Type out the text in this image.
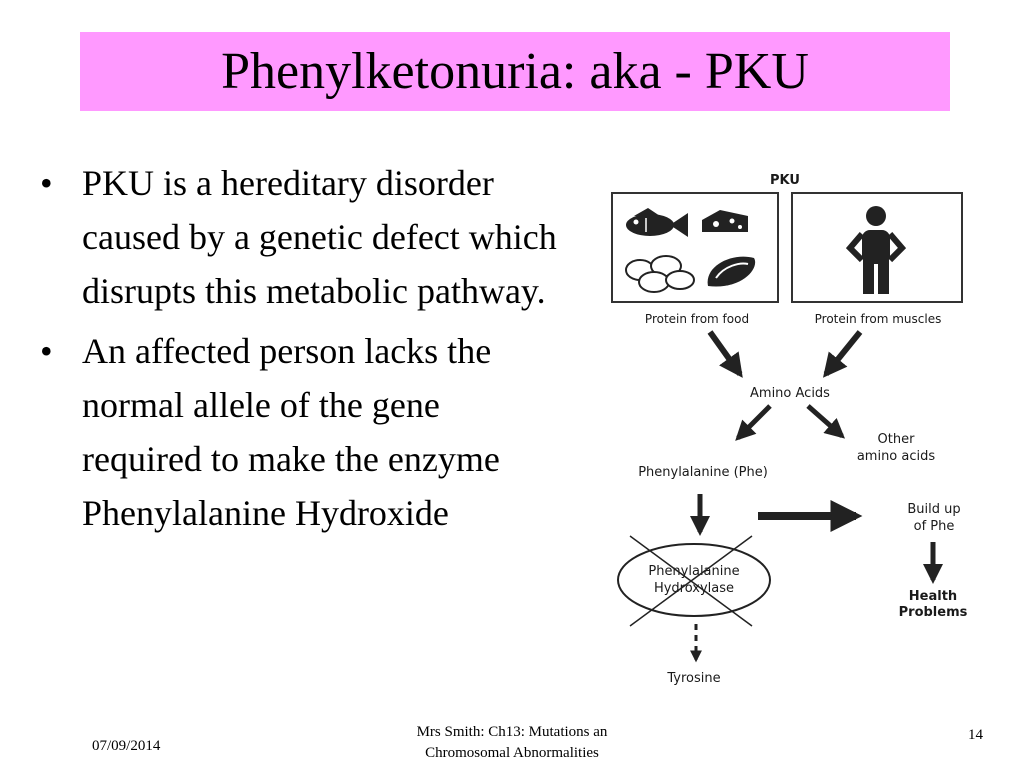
Phenylketonuria: aka - PKU
• PKU is a hereditary disorder caused by a genetic defect which disrupts this metabolic pathway.
• An affected person lacks the normal allele of the gene required to make the enzyme Phenylalanine Hydroxide
PKU
Protein from food	Protein from muscles
Amino Acids
Other
amino acids
Phenylalanine (Phe)
Build up
of Phe
Phenylalanine
Hydroxylase
Health
Problems
Tyrosine
07/09/2014
Mrs Smith: Ch13: Mutations an
Chromosomal Abnormalities
14
